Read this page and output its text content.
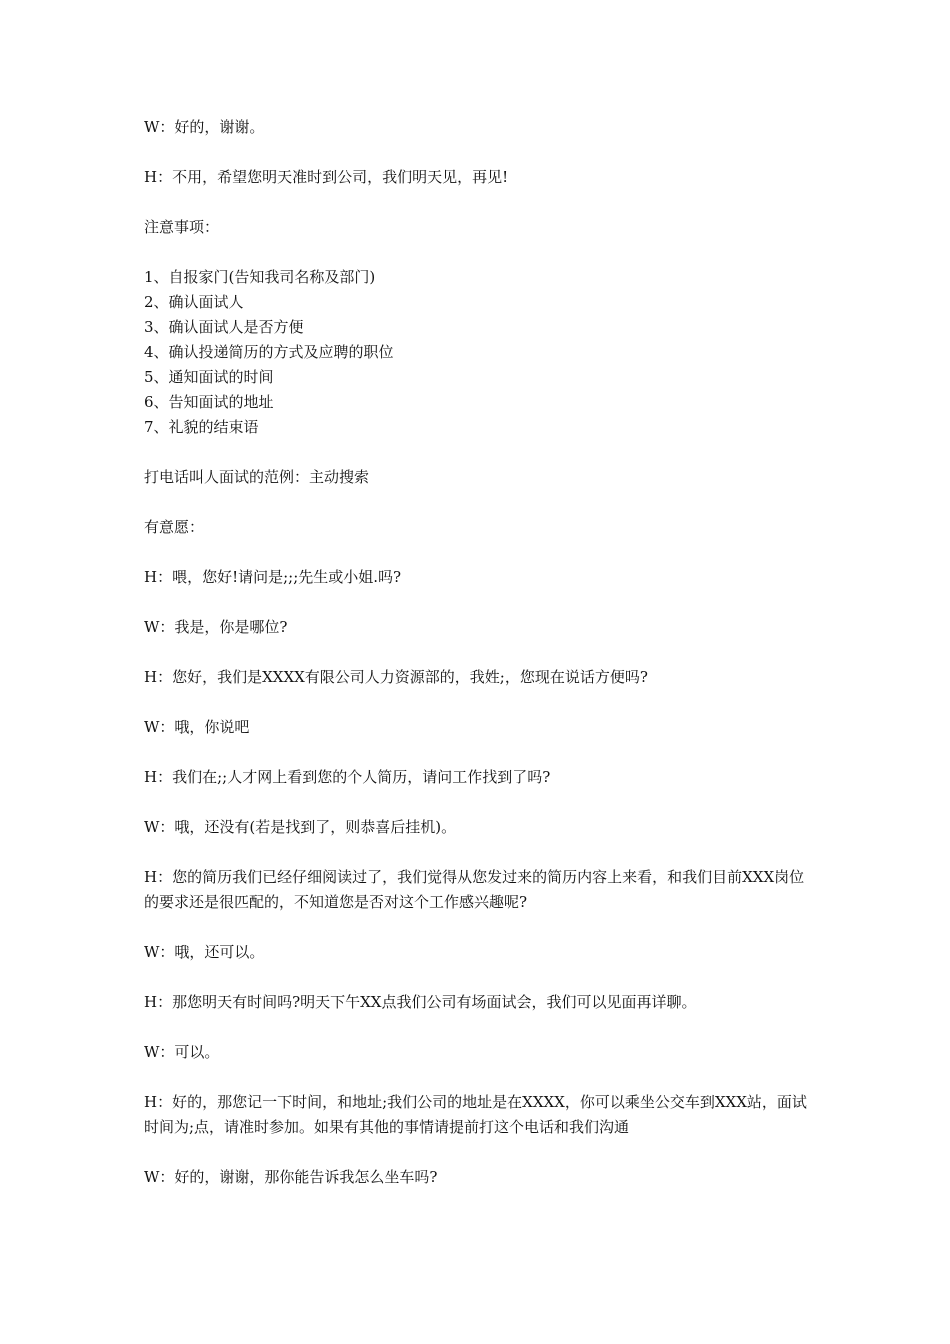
W：好的，谢谢。

H：不用，希望您明天准时到公司，我们明天见，再见!

注意事项：

1、自报家门(告知我司名称及部门)

2、确认面试人

3、确认面试人是否方便

4、确认投递简历的方式及应聘的职位

5、通知面试的时间

6、告知面试的地址

7、礼貌的结束语

打电话叫人面试的范例：主动搜索

有意愿：

H：喂，您好!请问是;;;先生或小姐.吗?

W：我是，你是哪位?

H：您好，我们是XXXX有限公司人力资源部的，我姓;，您现在说话方便吗?

W：哦，你说吧

H：我们在;;人才网上看到您的个人简历，请问工作找到了吗?

W：哦，还没有(若是找到了，则恭喜后挂机)。

H：您的简历我们已经仔细阅读过了，我们觉得从您发过来的简历内容上来看，和我们目前XXX岗位的要求还是很匹配的，不知道您是否对这个工作感兴趣呢?

W：哦，还可以。

H：那您明天有时间吗?明天下午XX点我们公司有场面试会，我们可以见面再详聊。

W：可以。

H：好的，那您记一下时间，和地址;我们公司的地址是在XXXX，你可以乘坐公交车到XXX站，面试时间为;点，请准时参加。如果有其他的事情请提前打这个电话和我们沟通

W：好的，谢谢，那你能告诉我怎么坐车吗?
